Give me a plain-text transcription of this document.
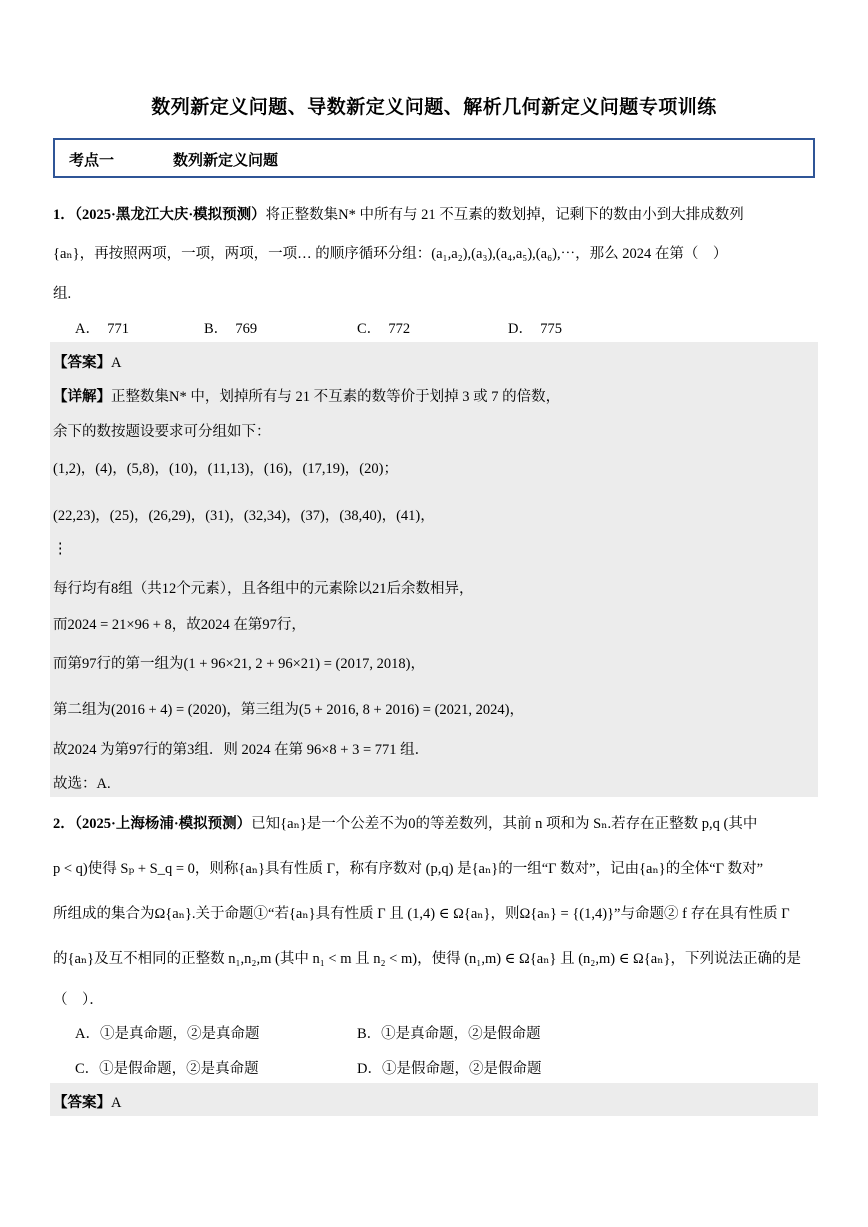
数列新定义问题、导数新定义问题、解析几何新定义问题专项训练
考点一	数列新定义问题
1．（2025·黑龙江大庆·模拟预测）将正整数集N* 中所有与 21 不互素的数划掉，记剩下的数由小到大排成数列
{aₙ}，再按照两项，一项，两项，一项… 的顺序循环分组：(a₁,a₂),(a₃),(a₄,a₅),(a₆),⋯，那么 2024 在第（　）
组.
A．　771	B．　769	C．　772	D．　775
【答案】A
【详解】正整数集N* 中，划掉所有与 21 不互素的数等价于划掉 3 或 7 的倍数，
余下的数按题设要求可分组如下：
(1,2)，(4)，(5,8)，(10)，(11,13)，(16)，(17,19)，(20)；
(22,23)，(25)，(26,29)，(31)，(32,34)，(37)，(38,40)，(41)，
⋮
每行均有8组（共12个元素），且各组中的元素除以21后余数相异，
而2024 = 21×96 + 8，故2024 在第97行，
而第97行的第一组为(1 + 96×21, 2 + 96×21) = (2017, 2018)，
第二组为(2016 + 4) = (2020)，第三组为(5 + 2016, 8 + 2016) = (2021, 2024)，
故2024 为第97行的第3组．则 2024 在第 96×8 + 3 = 771 组．
故选：A.
2．（2025·上海杨浦·模拟预测）已知{aₙ}是一个公差不为0的等差数列，其前 n 项和为 Sₙ.若存在正整数 p,q (其中
p < q)使得 Sₚ + S_q = 0，则称{aₙ}具有性质 Γ，称有序数对 (p,q) 是{aₙ}的一组“Γ 数对”，记由{aₙ}的全体“Γ 数对”
所组成的集合为Ω{aₙ}.关于命题①“若{aₙ}具有性质 Γ 且 (1,4) ∈ Ω{aₙ}，则Ω{aₙ} = {(1,4)}”与命题② f 存在具有性质 Γ
的{aₙ}及互不相同的正整数 n₁,n₂,m (其中 n₁ < m 且 n₂ < m)，使得 (n₁,m) ∈ Ω{aₙ} 且 (n₂,m) ∈ Ω{aₙ}，下列说法正确的是
（　）．
A．①是真命题，②是真命题	B．①是真命题，②是假命题
C．①是假命题，②是真命题	D．①是假命题，②是假命题
【答案】A
